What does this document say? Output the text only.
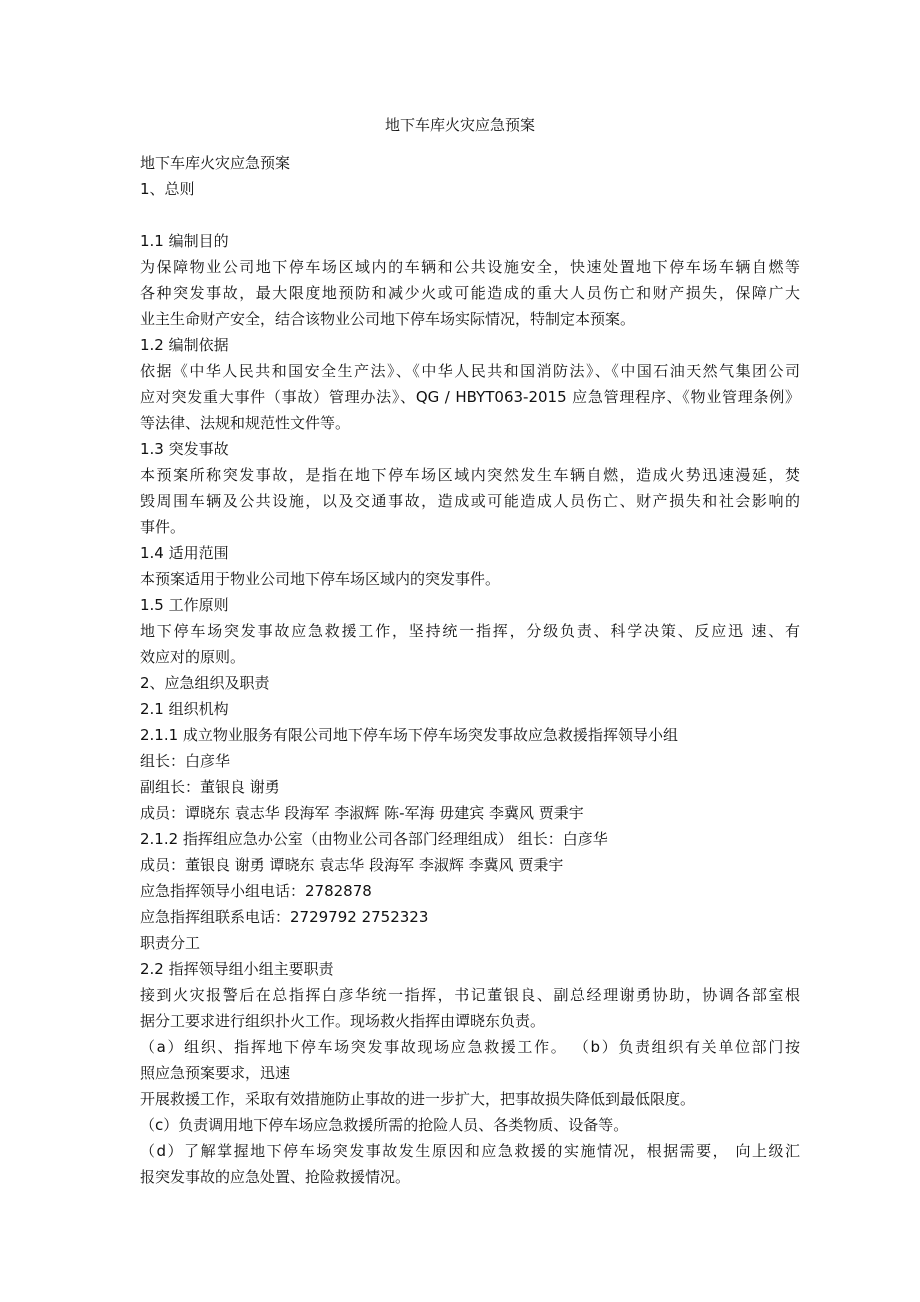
地下车库火灾应急预案
地下车库火灾应急预案
1、总则
1.1 编制目的
为保障物业公司地下停车场区域内的车辆和公共设施安全，快速处置地下停车场车辆自燃等
各种突发事故，最大限度地预防和减少火或可能造成的重大人员伤亡和财产损失，保障广大
业主生命财产安全，结合该物业公司地下停车场实际情况，特制定本预案。
1.2 编制依据
依据《中华人民共和国安全生产法》、《中华人民共和国消防法》、《中国石油天然气集团公司
应对突发重大事件（事故）管理办法》、QG / HBYT063-2015 应急管理程序、《物业管理条例》
等法律、法规和规范性文件等。
1.3 突发事故
本预案所称突发事故，是指在地下停车场区域内突然发生车辆自燃，造成火势迅速漫延，焚
毁周围车辆及公共设施，以及交通事故，造成或可能造成人员伤亡、财产损失和社会影响的
事件。
1.4 适用范围
本预案适用于物业公司地下停车场区域内的突发事件。
1.5 工作原则
地下停车场突发事故应急救援工作，坚持统一指挥，分级负责、科学决策、反应迅 速、有
效应对的原则。
2、应急组织及职责
2.1 组织机构
2.1.1 成立物业服务有限公司地下停车场下停车场突发事故应急救援指挥领导小组
组长：白彦华
副组长：董银良 谢勇
成员：谭晓东 袁志华 段海军 李淑辉 陈-军海 毋建宾 李冀风 贾秉宇
2.1.2 指挥组应急办公室（由物业公司各部门经理组成） 组长：白彦华
成员：董银良 谢勇 谭晓东 袁志华 段海军 李淑辉 李冀风 贾秉宇
应急指挥领导小组电话：2782878
应急指挥组联系电话：2729792 2752323
职责分工
2.2 指挥领导组小组主要职责
接到火灾报警后在总指挥白彦华统一指挥，书记董银良、副总经理谢勇协助，协调各部室根
据分工要求进行组织扑火工作。现场救火指挥由谭晓东负责。
（a）组织、指挥地下停车场突发事故现场应急救援工作。 （b）负责组织有关单位部门按
照应急预案要求，迅速
开展救援工作，采取有效措施防止事故的进一步扩大，把事故损失降低到最低限度。
（c）负责调用地下停车场应急救援所需的抢险人员、各类物质、设备等。
（d）了解掌握地下停车场突发事故发生原因和应急救援的实施情况，根据需要， 向上级汇
报突发事故的应急处置、抢险救援情况。
